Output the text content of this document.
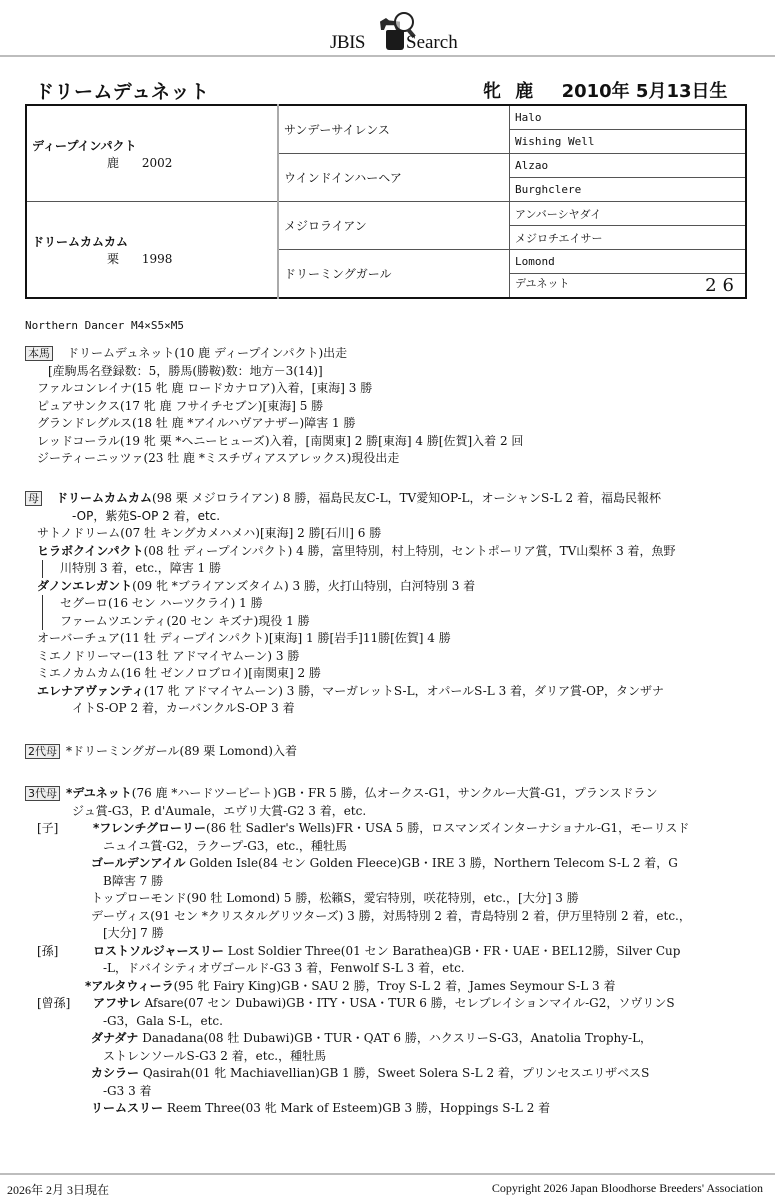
JBIS Search
ドリームデュネット	牝 鹿 2010年 5月13日生
ディープインパクト
鹿 2002	サンデーサイレンス	Halo
		Wishing Well
	ウインドインハーヘア	Alzao
		Burghclere

ドリームカムカム
栗 1998	メジロライアン	アンバーシヤダイ
		メジロチエイサー
	ドリーミングガール	Lomond
		デユネット 26
Northern Dancer M4×S5×M5
本馬 ドリームデュネット(10 鹿 ディープインパクト)出走
[産駒馬名登録数：5，勝馬(勝鞍)数：地方－3(14)]
ファルコンレイナ(15 牝 鹿 ロードカナロア)入着，[東海] 3 勝
ピュアサンクス(17 牝 鹿 フサイチセブン)[東海] 5 勝
グランドレグルス(18 牡 鹿 *アイルハヴアナザー)障害 1 勝
レッドコーラル(19 牝 栗 *ヘニーヒューズ)入着，[南関東] 2 勝[東海] 4 勝[佐賀]入着 2 回
ジーティーニッツァ(23 牡 鹿 *ミスチヴィアスアレックス)現役出走
母 ドリームカムカム(98 栗 メジロライアン) 8 勝，福島民友C-L，TV愛知OP-L，オーシャンS-L 2 着，福島民報杯
-OP，紫苑S-OP 2 着，etc.
サトノドリーム(07 牡 キングカメハメハ)[東海] 2 勝[石川] 6 勝
ヒラボクインパクト(08 牡 ディープインパクト) 4 勝，富里特別，村上特別，セントポーリア賞，TV山梨杯 3 着，魚野
川特別 3 着，etc.，障害 1 勝
ダノンエレガント(09 牝 *ブライアンズタイム) 3 勝，火打山特別，白河特別 3 着
セグーロ(16 セン ハーツクライ) 1 勝
ファームツエンティ(20 セン キズナ)現役 1 勝
オーバーチュア(11 牡 ディープインパクト)[東海] 1 勝[岩手]11勝[佐賀] 4 勝
ミエノドリーマー(13 牡 アドマイヤムーン) 3 勝
ミエノカムカム(16 牡 ゼンノロブロイ)[南関東] 2 勝
エレナアヴァンティ(17 牝 アドマイヤムーン) 3 勝，マーガレットS-L，オパールS-L 3 着，ダリア賞-OP，タンザナ
イトS-OP 2 着，カーバンクルS-OP 3 着
2代母 *ドリーミングガール(89 栗 Lomond)入着
3代母 *デユネット(76 鹿 *ハードツービート)GB・FR 5 勝，仏オークス-G1，サンクルー大賞-G1，プランスドラン
ジュ賞-G3，P. d'Aumale，エヴリ大賞-G2 3 着，etc.
[子]	*フレンチグローリー(86 牡 Sadler's Wells)FR・USA 5 勝，ロスマンズインターナショナル-G1，モーリスド
ニュイユ賞-G2，ラクープ-G3，etc.，種牡馬
ゴールデンアイル Golden Isle(84 セン Golden Fleece)GB・IRE 3 勝，Northern Telecom S-L 2 着，G
B障害 7 勝
トップローモンド(90 牡 Lomond) 5 勝，松籟S，愛宕特別，咲花特別，etc.，[大分] 3 勝
デーヴィス(91 セン *クリスタルグリツターズ) 3 勝，対馬特別 2 着，青島特別 2 着，伊万里特別 2 着，etc.，
[大分] 7 勝
[孫]	ロストソルジャースリー Lost Soldier Three(01 セン Barathea)GB・FR・UAE・BEL12勝，Silver Cup
-L，ドバイシティオヴゴールド-G3 3 着，Fenwolf S-L 3 着，etc.
*アルタウィーラ(95 牝 Fairy King)GB・SAU 2 勝，Troy S-L 2 着，James Seymour S-L 3 着
[曾孫] アフサレ Afsare(07 セン Dubawi)GB・ITY・USA・TUR 6 勝，セレブレイションマイル-G2，ソヴリンS
-G3，Gala S-L，etc.
ダナダナ Danadana(08 牡 Dubawi)GB・TUR・QAT 6 勝，ハクスリーS-G3，Anatolia Trophy-L，
ストレンソールS-G3 2 着，etc.，種牡馬
カシラー Qasirah(01 牝 Machiavellian)GB 1 勝，Sweet Solera S-L 2 着，プリンセスエリザベスS
-G3 3 着
リームスリー Reem Three(03 牝 Mark of Esteem)GB 3 勝，Hoppings S-L 2 着
2026年 2月 3日現在	Copyright 2026 Japan Bloodhorse Breeders' Association
